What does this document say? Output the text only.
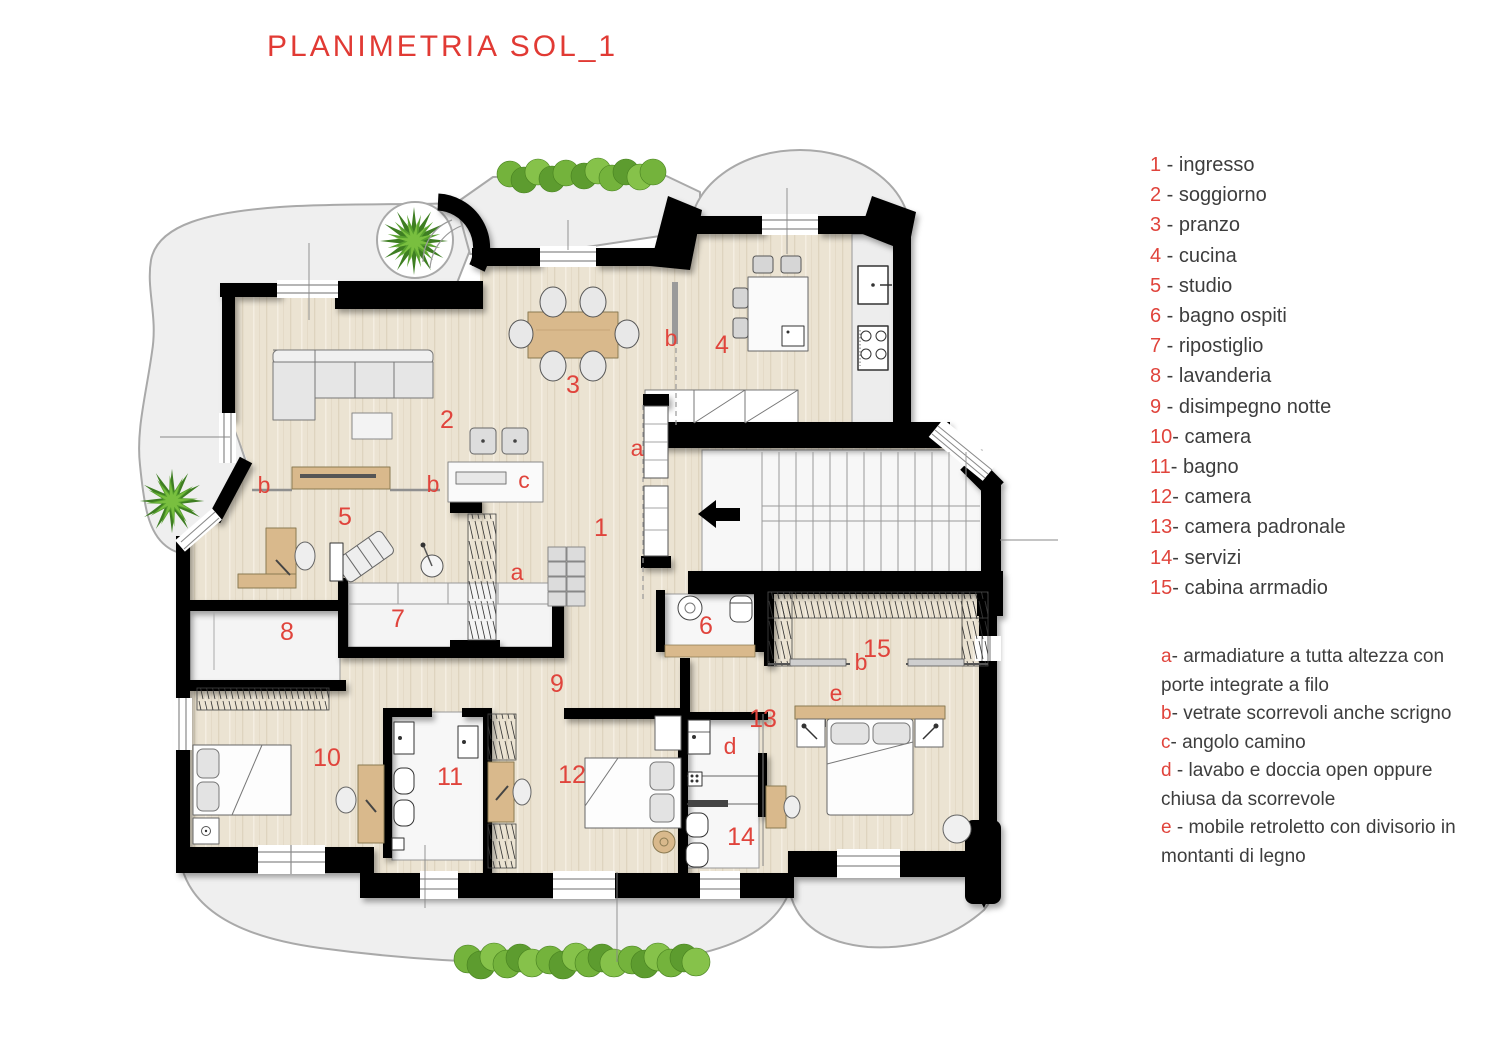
PLANIMETRIA SOL_1
1
2
3
4
5
6
7
8
9
10
11	12
13
14
15
a
a
b
b	b
b
c
d
e
1 - ingresso
2 - soggiorno
3 - pranzo
4 - cucina
5 - studio
6 - bagno ospiti
7 - ripostiglio
8 - lavanderia
9 - disimpegno notte
10- camera
11- bagno
12- camera
13- camera padronale
14- servizi
15- cabina arrmadio

a- armadiature a tutta altezza con porte integrate a filo

b- vetrate scorrevoli anche scrigno

c- angolo camino

d - lavabo e doccia open oppure chiusa da scorrevole

e - mobile retroletto con divisorio in montanti di legno
